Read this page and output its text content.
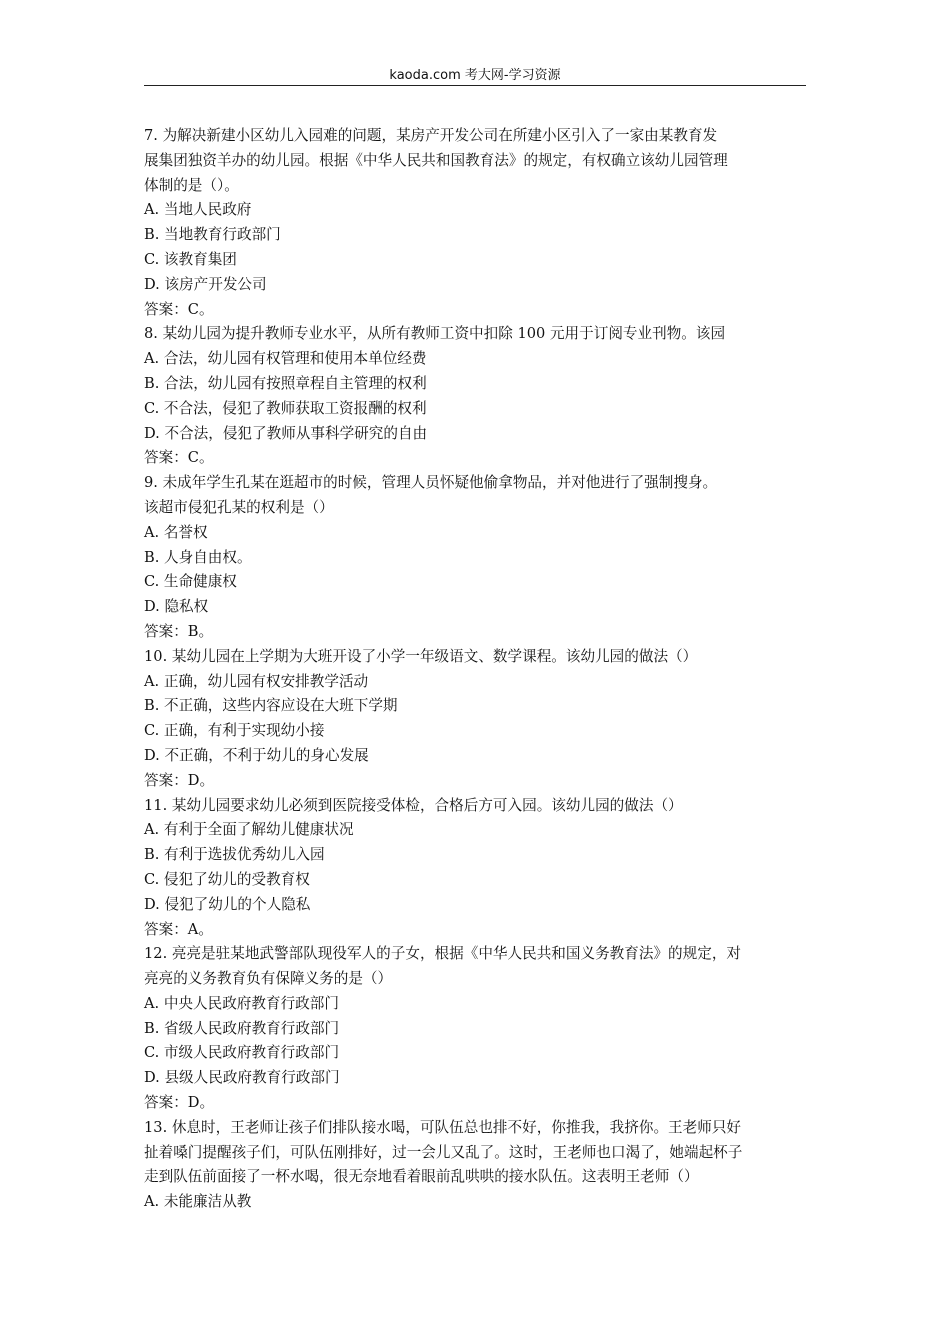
kaoda.com 考大网-学习资源
7. 为解决新建小区幼儿入园难的问题，某房产开发公司在所建小区引入了一家由某教育发
展集团独资羊办的幼儿园。根据《中华人民共和国教育法》的规定，有权确立该幼儿园管理
体制的是（）。
A. 当地人民政府
B. 当地教育行政部门
C. 该教育集团
D. 该房产开发公司
答案：C。
8. 某幼儿园为提升教师专业水平，从所有教师工资中扣除 100 元用于订阅专业刊物。该园
A. 合法，幼儿园有权管理和使用本单位经费
B. 合法，幼儿园有按照章程自主管理的权利
C. 不合法，侵犯了教师获取工资报酬的权利
D. 不合法，侵犯了教师从事科学研究的自由
答案：C。
9. 未成年学生孔某在逛超市的时候，管理人员怀疑他偷拿物品，并对他进行了强制搜身。
该超市侵犯孔某的权利是（）
A. 名誉权
B. 人身自由权。
C. 生命健康权
D. 隐私权
答案：B。
10. 某幼儿园在上学期为大班开设了小学一年级语文、数学课程。该幼儿园的做法（）
A. 正确，幼儿园有权安排教学活动
B. 不正确，这些内容应设在大班下学期
C. 正确，有利于实现幼小接
D. 不正确，不利于幼儿的身心发展
答案：D。
11. 某幼儿园要求幼儿必须到医院接受体检，合格后方可入园。该幼儿园的做法（）
A. 有利于全面了解幼儿健康状况
B. 有利于选拔优秀幼儿入园
C. 侵犯了幼儿的受教育权
D. 侵犯了幼儿的个人隐私
答案：A。
12. 亮亮是驻某地武警部队现役军人的子女，根据《中华人民共和国义务教育法》的规定，对
亮亮的义务教育负有保障义务的是（）
A. 中央人民政府教育行政部门
B. 省级人民政府教育行政部门
C. 市级人民政府教育行政部门
D. 县级人民政府教育行政部门
答案：D。
13. 休息时，王老师让孩子们排队接水喝，可队伍总也排不好，你推我，我挤你。王老师只好
扯着嗓门提醒孩子们，可队伍刚排好，过一会儿又乱了。这时，王老师也口渴了，她端起杯子
走到队伍前面接了一杯水喝，很无奈地看着眼前乱哄哄的接水队伍。这表明王老师（）
A. 未能廉洁从教
